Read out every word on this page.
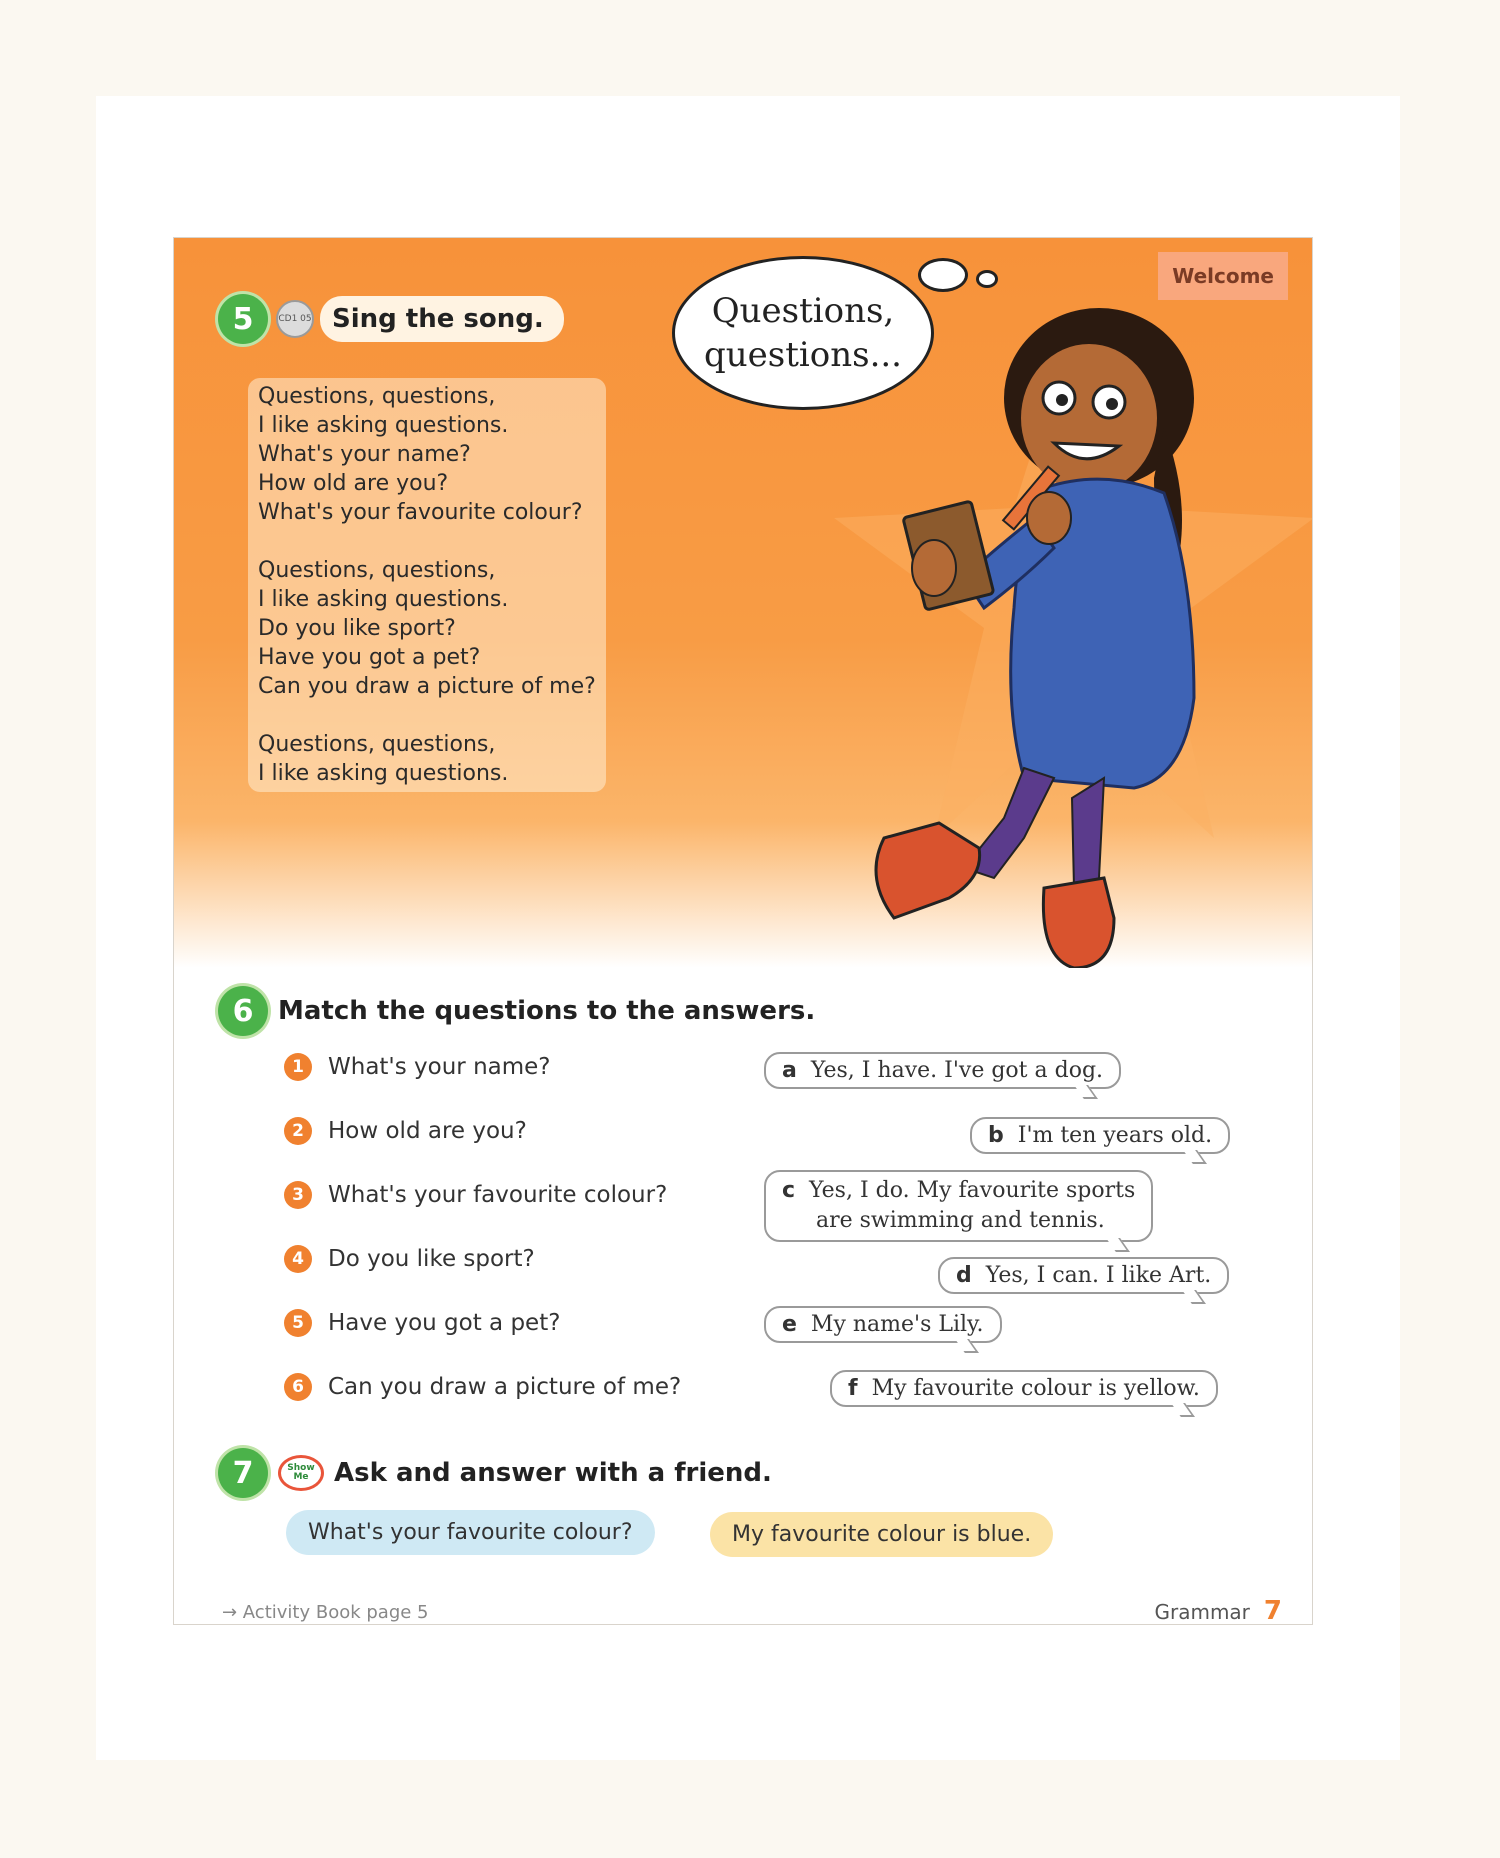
Welcome
5	CD1 05 Sing the song.
Questions, questions,
I like asking questions.
What's your name?
How old are you?
What's your favourite colour?
Questions, questions,
I like asking questions.
Do you like sport?
Have you got a pet?
Can you draw a picture of me?
Questions, questions,
I like asking questions.
Questions,
questions...
6 Match the questions to the answers.
1	What's your name?
2	How old are you?
3	What's your favourite colour?
4	Do you like sport?
5	Have you got a pet?
6	Can you draw a picture of me?
a Yes, I have. I've got a dog.
b I'm ten years old.
c Yes, I do. My favourite sports
are swimming and tennis.
d Yes, I can. I like Art.
e My name's Lily.
f My favourite colour is yellow.
7	Show Me Ask and answer with a friend.
What's your favourite colour?	My favourite colour is blue.
→ Activity Book page 5	Grammar 7
